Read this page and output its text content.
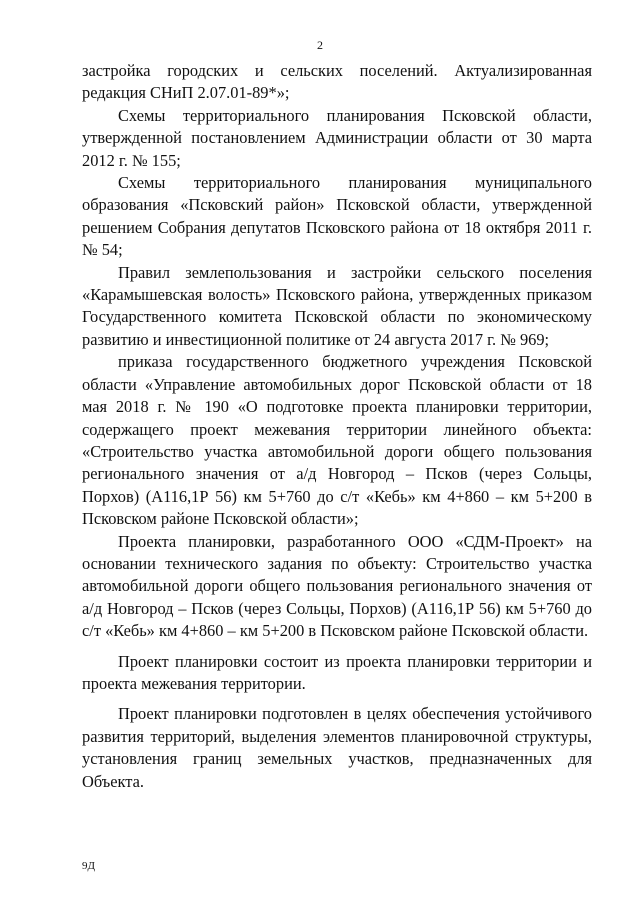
2

застройка городских и сельских поселений. Актуализированная редакция СНиП 2.07.01-89*»;

Схемы территориального планирования Псковской области, утвержденной постановлением Администрации области от 30 марта 2012 г. № 155;

Схемы территориального планирования муниципального образования «Псковский район» Псковской области, утвержденной решением Собрания депутатов Псковского района от 18 октября 2011 г. № 54;

Правил землепользования и застройки сельского поселения «Карамышевская волость» Псковского района, утвержденных приказом Государственного комитета Псковской области по экономическому развитию и инвестиционной политике от 24 августа 2017 г. № 969;

приказа государственного бюджетного учреждения Псковской области «Управление автомобильных дорог Псковской области от 18 мая 2018 г. № 190 «О подготовке проекта планировки территории, содержащего проект межевания территории линейного объекта: «Строительство участка автомобильной дороги общего пользования регионального значения от а/д Новгород – Псков (через Сольцы, Порхов) (А116,1Р 56) км 5+760 до с/т «Кебь» км 4+860 – км 5+200 в Псковском районе Псковской области»;

Проекта планировки, разработанного ООО «СДМ-Проект» на основании технического задания по объекту: Строительство участка автомобильной дороги общего пользования регионального значения от а/д Новгород – Псков (через Сольцы, Порхов) (А116,1Р 56) км 5+760 до с/т «Кебь» км 4+860 – км 5+200 в Псковском районе Псковской области.

Проект планировки состоит из проекта планировки территории и проекта межевания территории.

Проект планировки подготовлен в целях обеспечения устойчивого развития территорий, выделения элементов планировочной структуры, установления границ земельных участков, предназначенных для Объекта.

9Д
